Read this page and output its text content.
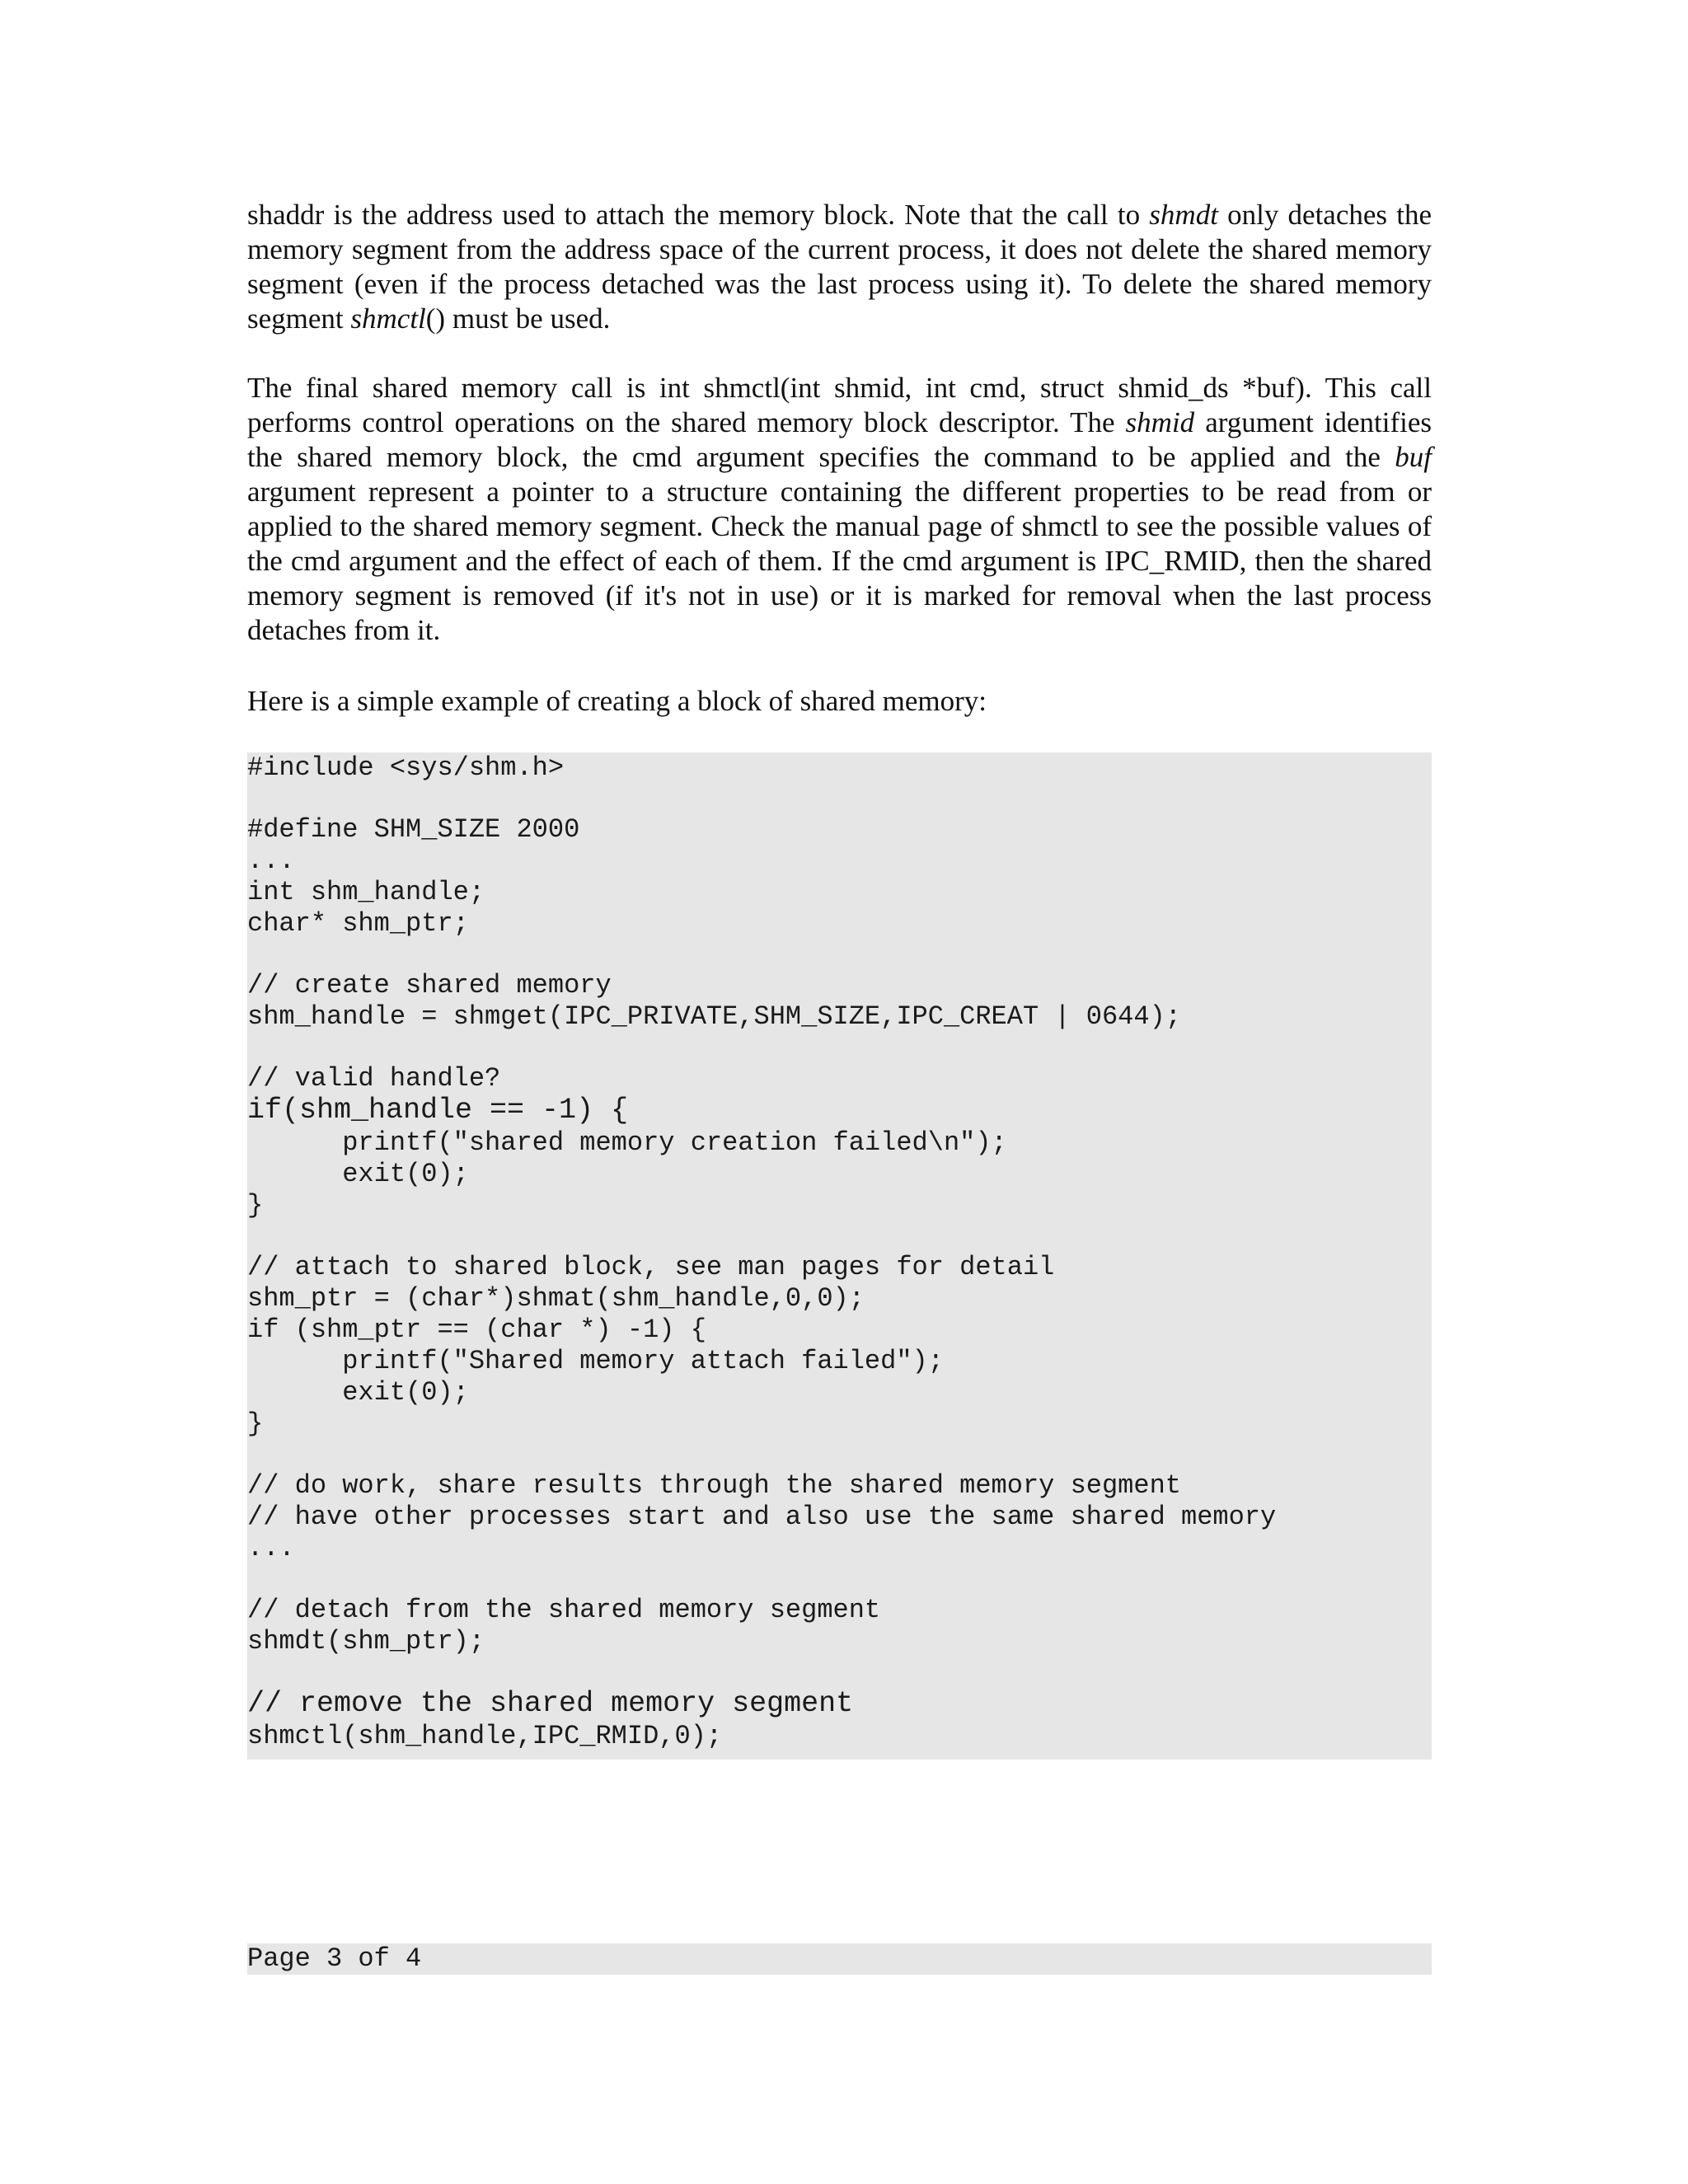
shaddr is the address used to attach the memory block. Note that the call to shmdt only detaches the memory segment from the address space of the current process, it does not delete the shared memory segment (even if the process detached was the last process using it). To delete the shared memory segment shmctl() must be used.

The final shared memory call is int shmctl(int shmid, int cmd, struct shmid_ds *buf). This call performs control operations on the shared memory block descriptor. The shmid argument identifies the shared memory block, the cmd argument specifies the command to be applied and the buf argument represent a pointer to a structure containing the different properties to be read from or applied to the shared memory segment. Check the manual page of shmctl to see the possible values of the cmd argument and the effect of each of them. If the cmd argument is IPC_RMID, then the shared memory segment is removed (if it's not in use) or it is marked for removal when the last process detaches from it.

Here is a simple example of creating a block of shared memory:

#include <sys/shm.h>
#define SHM_SIZE 2000
...
int shm_handle;
char* shm_ptr;
// create shared memory
shm_handle = shmget(IPC_PRIVATE,SHM_SIZE,IPC_CREAT | 0644);
// valid handle?
if(shm_handle == -1) {
printf("shared memory creation failed\n");
exit(0);
}
// attach to shared block, see man pages for detail
shm_ptr = (char*)shmat(shm_handle,0,0);
if (shm_ptr == (char *) -1) {
printf("Shared memory attach failed");
exit(0);
}
// do work, share results through the shared memory segment
// have other processes start and also use the same shared memory
...
// detach from the shared memory segment
shmdt(shm_ptr);
// remove the shared memory segment
shmctl(shm_handle,IPC_RMID,0);
Page 3 of 4
